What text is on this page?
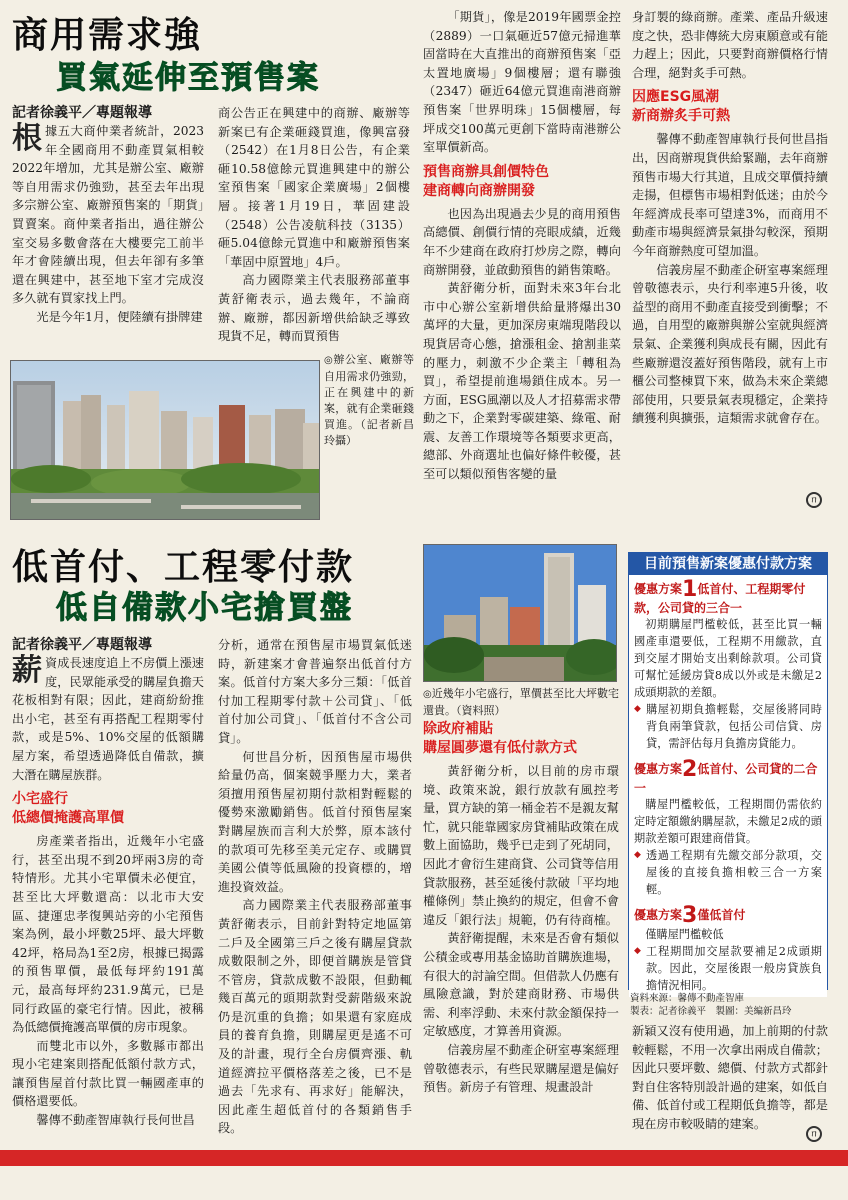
商用需求強
買氣延伸至預售案
記者徐義平／專題報導

根據五大商仲業者統計，2023年全國商用不動產買氣相較2022年增加，尤其是辦公室、廠辦等自用需求仍強勁，甚至去年出現多宗辦公室、廠辦預售案的「期貨」買賣案。商仲業者指出，過往辦公室交易多數會落在大樓要完工前半年才會陸續出現，但去年卻有多筆還在興建中，甚至地下室才完成沒多久就有買家找上門。

光是今年1月，便陸續有掛牌建

商公告正在興建中的商辦、廠辦等新案已有企業砸錢買進，像興富發（2542）在1月8日公告，有企業砸10.58億餘元買進興建中的辦公室預售案「國家企業廣場」2個樓層。接著1月19日，華固建設（2548）公告凌航科技（3135）砸5.04億餘元買進中和廠辦預售案「華固中原置地」4戶。

高力國際業主代表服務部董事黃舒衛表示，過去幾年，不論商辦、廠辦，都因新增供給缺乏導致現貨不足，轉而買預售

◎辦公室、廠辦等自用需求仍強勁，正在興建中的新案，就有企業砸錢買進。（記者新昌玲攝）

「期貨」，像是2019年國票金控（2889）一口氣砸近57億元掃進華固當時在大直推出的商辦預售案「亞太置地廣場」9個樓層；還有聯強（2347）砸近64億元買進南港商辦預售案「世界明珠」15個樓層，每坪成交100萬元更創下當時南港辦公室單價新高。

預售商辦具創價特色
建商轉向商辦開發

也因為出現過去少見的商用預售高總價、創價行情的亮眼成績，近幾年不少建商在政府打炒房之際，轉向商辦開發，並啟動預售的銷售策略。

黃舒衛分析，面對未來3年台北市中心辦公室新增供給量將爆出30萬坪的大量，更加深房東端現階段以現貨居奇心態，搶漲租金、搶割韭菜的壓力，刺激不少企業主「轉租為買」，希望提前進場鎖住成本。另一方面，ESG風潮以及人才招募需求帶動之下，企業對零碳建築、綠電、耐震、友善工作環境等各類要求更高，總部、外商選址也偏好條件較優，甚至可以類似預售客變的量

身訂製的綠商辦。產業、產品升級速度之快，恐非傳統大房東願意或有能力趕上；因此，只要對商辦價格行情合理，絕對炙手可熱。

因應ESG風潮
新商辦炙手可熱

馨傳不動產智庫執行長何世昌指出，因商辦現貨供給緊蹦，去年商辦預售市場大行其道，且成交單價持續走揚，但標售市場相對低迷；由於今年經濟成長率可望達3%，而商用不動產市場與經濟景氣掛勾較深，預期今年商辦熱度可望加溫。

信義房屋不動產企研室專案經理曾敬德表示，央行利率連5升後，收益型的商用不動產直接受到衝擊；不過，自用型的廠辦與辦公室就與經濟景氣、企業獲利與成長有關，因此有些廠辦還沒蓋好預售階段，就有上市櫃公司整棟買下來，做為未來企業總部使用，只要景氣表現穩定，企業持續獲利與擴張，這類需求就會存在。

ㄇ
低首付、工程零付款
低自備款小宅搶買盤
記者徐義平／專題報導

薪資成長速度追上不房價上漲速度，民眾能承受的購屋負擔天花板相對有限；因此，建商紛紛推出小宅，甚至有再搭配工程期零付款，或是5%、10%交屋的低額購屋方案，希望透過降低自備款，擴大潛在購屋族群。

小宅盛行
低總價掩護高單價

房產業者指出，近幾年小宅盛行，甚至出現不到20坪兩3房的奇特情形。尤其小宅單價未必便宜，甚至比大坪數還高：以北市大安區、捷運忠孝復興站旁的小宅預售案為例，最小坪數25坪、最大坪數42坪，格局為1至2房，根據已揭露的預售單價，最低每坪約191萬元，最高每坪約231.9萬元，已是同行政區的豪宅行情。因此，被稱為低總價掩護高單價的房市現象。

而雙北市以外，多數縣市都出現小宅建案則搭配低額付款方式，讓預售屋首付款比買一輛國產車的價格還要低。

馨傳不動產智庫執行長何世昌

分析，通常在預售屋市場買氣低迷時，新建案才會普遍祭出低首付方案。低首付方案大多分三類：「低首付加工程期零付款＋公司貸」、「低首付加公司貸」、「低首付不含公司貸」。

何世昌分析，因預售屋市場供給量仍高，個案競爭壓力大，業者須擅用預售屋初期付款相對輕鬆的優勢來激勵銷售。低首付預售屋案對購屋族而言利大於弊，原本該付的款項可先移至美元定存、或購買美國公債等低風險的投資標的，增進投資效益。

高力國際業主代表服務部董事黃舒衛表示，目前針對特定地區第二戶及全國第三戶之後有購屋貸款成數限制之外，即便首購族是管貸不管房，貸款成數不設限，但動輒幾百萬元的頭期款對受薪階級來說仍是沉重的負擔；如果還有家庭成員的養育負擔，則購屋更是遙不可及的計畫，現行全台房價齊漲、軌道經濟拉平價格落差之後，已不是過去「先求有、再求好」能解決，因此產生超低首付的各類銷售手段。

◎近幾年小宅盛行，單價甚至比大坪數宅還貴。（資料照）
除政府補貼
購屋圓夢還有低付款方式

黃舒衛分析，以目前的房市環境、政策來說，銀行放款有風控考量，買方缺的第一桶金若不是親友幫忙，就只能靠國家房貸補貼政策在成數上面協助，幾乎已走到了死胡同，因此才會衍生建商貸、公司貸等信用貸款服務，甚至延後付款破「平均地權條例」禁止換約的規定，但會不會違反「銀行法」規範，仍有待商榷。

黃舒衛提醒，未來是否會有類似公積金或專用基金協助首購族進場，有很大的討論空間。但借款人仍應有風險意識，對於建商財務、市場供需、利率浮動、未來付款金額保持一定敏感度，才算善用資源。

信義房屋不動產企研室專案經理曾敬德表示，有些民眾購屋還是偏好預售。新房子有管理、規畫設計

目前預售新案優惠付款方案
優惠方案1低首付、工程期零付款，公司貸的三合一
初期購屋門檻較低，甚至比買一輛國產車還要低，工程期不用繳款，直到交屋才開始支出剩餘款項。公司貸可幫忙延緩房貸8成以外或是未繳足2成頭期款的差額。
◆ 購屋初期負擔輕鬆，交屋後將同時背負兩筆貸款，包括公司信貸、房貸，需評估每月負擔房貸能力。
優惠方案2低首付、公司貸的二合一
購屋門檻較低，工程期間仍需依約定時定額繳納購屋款，未繳足2成的頭期款差額可跟建商借貸。
◆ 透過工程期有先繳交部分款項，交屋後的直接負擔相較三合一方案輕。
優惠方案3僅低首付
僅購屋門檻較低
◆ 工程期間加交屋款要補足2成頭期款。因此，交屋後跟一般房貸族負擔情況相同。
資料來源：馨傳不動產智庫
製表：記者徐義平　 製圖：美編新昌玲

新穎又沒有使用過，加上前期的付款較輕鬆，不用一次拿出兩成自備款；因此只要坪數、總價、付款方式都針對自住客特別設計過的建案，如低自備、低首付或工程期低負擔等，都是現在房市較吸睛的建案。

ㄇ
